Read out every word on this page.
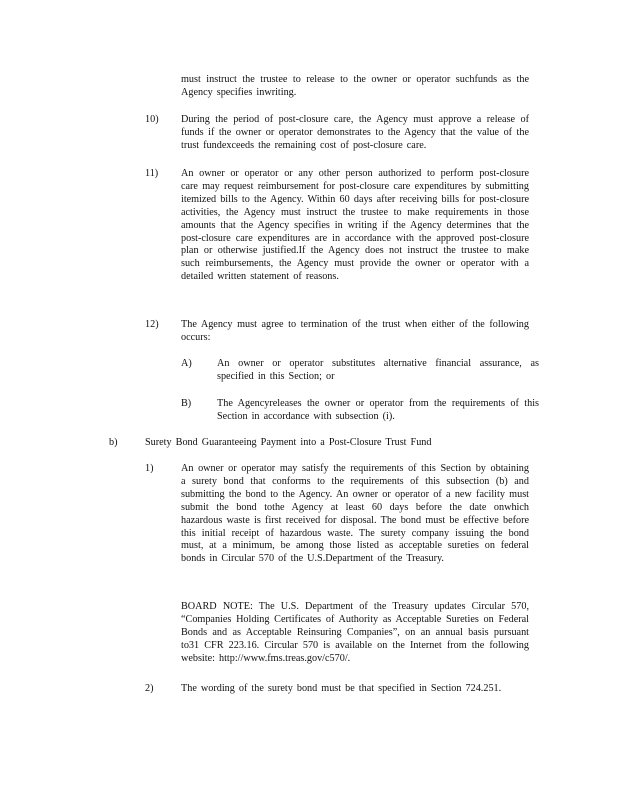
must instruct the trustee to release to the owner or operator suchfunds as the Agency specifies inwriting.
10) During the period of post-closure care, the Agency must approve a release of funds if the owner or operator demonstrates to the Agency that the value of the trust fundexceeds the remaining cost of post-closure care.
11) An owner or operator or any other person authorized to perform post-closure care may request reimbursement for post-closure care expenditures by submitting itemized bills to the Agency. Within 60 days after receiving bills for post-closure activities, the Agency must instruct the trustee to make requirements in those amounts that the Agency specifies in writing if the Agency determines that the post-closure care expenditures are in accordance with the approved post-closure plan or otherwise justified.If the Agency does not instruct the trustee to make such reimbursements, the Agency must provide the owner or operator with a detailed written statement of reasons.
12) The Agency must agree to termination of the trust when either of the following occurs:
A) An owner or operator substitutes alternative financial assurance, as specified in this Section; or
B)	The Agencyreleases the owner or operator from the requirements of this Section in accordance with subsection (i).
b)	Surety Bond Guaranteeing Payment into a Post-Closure Trust Fund
1)	An owner or operator may satisfy the requirements of this Section by obtaining a surety bond that conforms to the requirements of this subsection (b) and submitting the bond to the Agency. An owner or operator of a new facility must submit the bond tothe Agency at least 60 days before the date onwhich hazardous waste is first received for disposal. The bond must be effective before this initial receipt of hazardous waste. The surety company issuing the bond must, at a minimum, be among those listed as acceptable sureties on federal bonds in Circular 570 of the U.S.Department of the Treasury.
BOARD NOTE: The U.S. Department of the Treasury updates Circular 570, “Companies Holding Certificates of Authority as Acceptable Sureties on Federal Bonds and as Acceptable Reinsuring Companies”, on an annual basis pursuant to31 CFR 223.16. Circular 570 is available on the Internet from the following website: http://www.fms.treas.gov/c570/.
2)	The wording of the surety bond must be that specified in Section 724.251.
